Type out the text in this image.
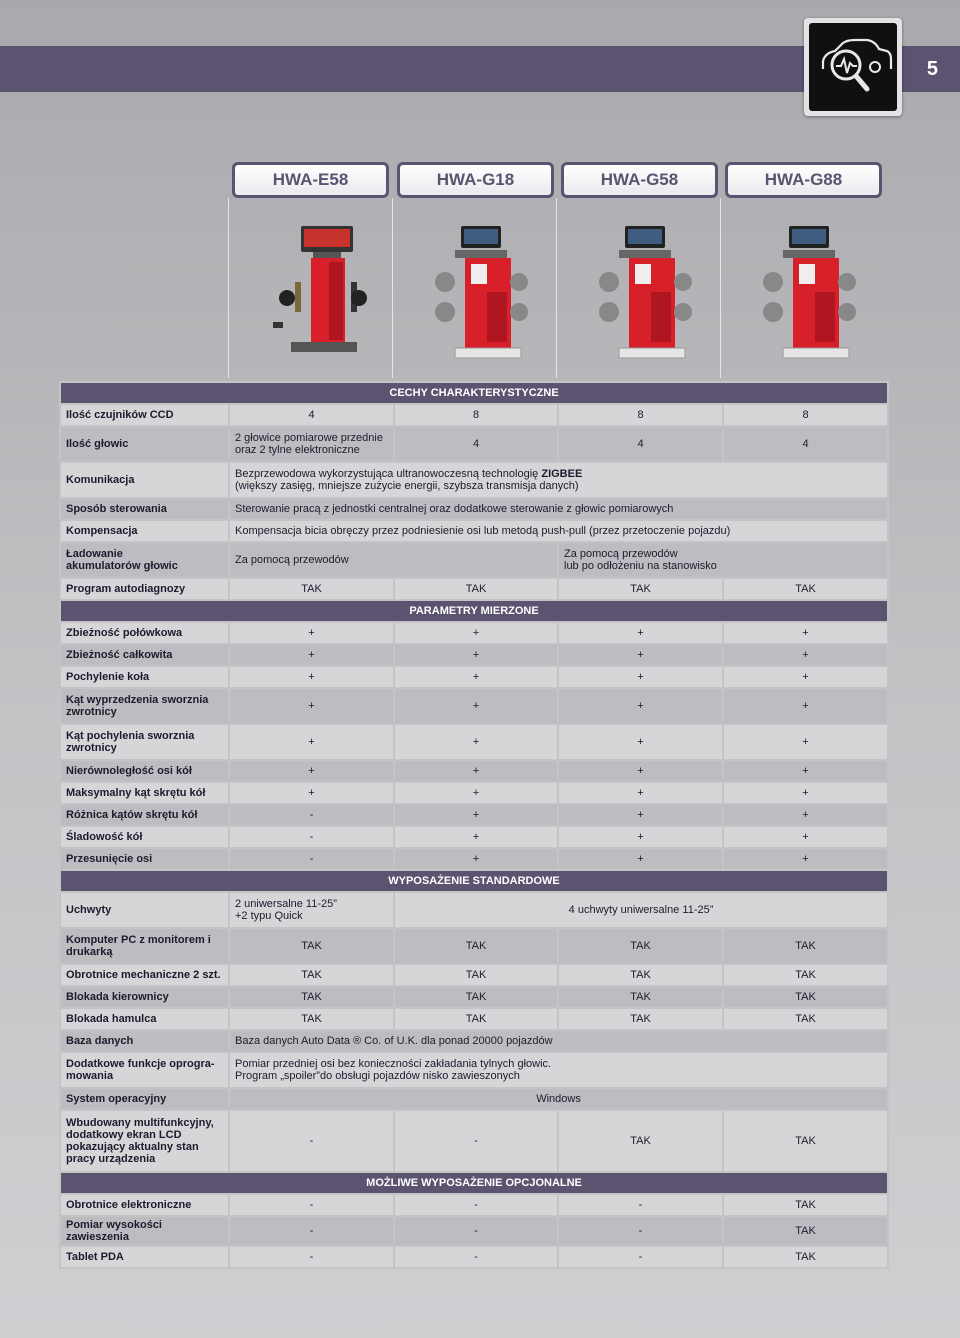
5
HWA-E58	HWA-G18	HWA-G58	HWA-G88
CECHY CHARAKTERYSTYCZNE				
Ilość czujników CCD	4	8	8	8
Ilość głowic	2 głowice pomiarowe przednie
oraz 2 tylne elektroniczne	4	4	4
Komunikacja	Bezprzewodowa wykorzystująca ultranowoczesną technologię ZIGBEE
(większy zasięg, mniejsze zużycie energii, szybsza transmisja danych)			
Sposób sterowania	Sterowanie pracą z jednostki centralnej oraz dodatkowe sterowanie z głowic pomiarowych			
Kompensacja	Kompensacja bicia obręczy przez podniesienie osi lub metodą push-pull (przez przetoczenie pojazdu)			
Ładowanie
akumulatorów głowic	Za pomocą przewodów		Za pomocą przewodów
lub po odłożeniu na stanowisko	
Program autodiagnozy	TAK	TAK	TAK	TAK
PARAMETRY MIERZONE				
Zbieżność połówkowa	+	+	+	+
Zbieżność całkowita	+	+	+	+
Pochylenie koła	+	+	+	+
Kąt wyprzedzenia sworznia
zwrotnicy	+	+	+	+
Kąt pochylenia sworznia
zwrotnicy	+	+	+	+
Nierównoległość osi kół	+	+	+	+
Maksymalny kąt skrętu kół	+	+	+	+
Różnica kątów skrętu kół	-	+	+	+
Śladowość kół	-	+	+	+
Przesunięcie osi	-	+	+	+
WYPOSAŻENIE STANDARDOWE				
Uchwyty	2 uniwersalne 11-25”
+2 typu Quick	4 uchwyty uniwersalne 11-25”		
Komputer PC z monitorem i
drukarką	TAK	TAK	TAK	TAK
Obrotnice mechaniczne 2 szt.	TAK	TAK	TAK	TAK
Blokada kierownicy	TAK	TAK	TAK	TAK
Blokada hamulca	TAK	TAK	TAK	TAK
Baza danych	Baza danych Auto Data ® Co. of U.K. dla ponad 20000 pojazdów			
Dodatkowe funkcje oprogra-
mowania	Pomiar przedniej osi bez konieczności zakładania tylnych głowic.
Program „spoiler”do obsługi pojazdów nisko zawieszonych			
System operacyjny	Windows			
Wbudowany multifunkcyjny,
dodatkowy ekran LCD
pokazujący aktualny stan
pracy urządzenia	-	-	TAK	TAK
MOŻLIWE WYPOSAŻENIE OPCJONALNE				
Obrotnice elektroniczne	-	-	-	TAK
Pomiar wysokości zawieszenia	-	-	-	TAK
Tablet PDA	-	-	-	TAK
